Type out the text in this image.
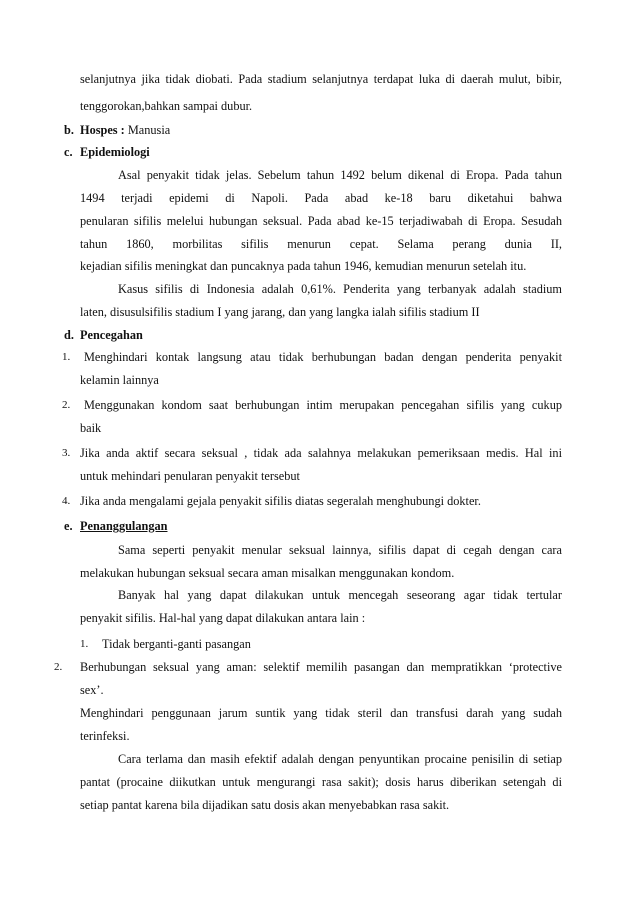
selanjutnya jika tidak diobati. Pada stadium selanjutnya terdapat luka di daerah mulut, bibir,

tenggorokan,bahkan sampai dubur.

b. Hospes : Manusia

c. Epidemiologi

Asal penyakit tidak jelas. Sebelum tahun 1492 belum dikenal di Eropa. Pada tahun

1494 terjadi epidemi di Napoli. Pada abad ke-18 baru diketahui bahwa

penularan sifilis melelui hubungan seksual. Pada abad ke-15 terjadiwabah di Eropa. Sesudah

tahun 1860, morbilitas sifilis menurun cepat. Selama perang dunia II,

kejadian sifilis meningkat dan puncaknya pada tahun 1946, kemudian menurun setelah itu.

Kasus sifilis di Indonesia adalah 0,61%. Penderita yang terbanyak adalah stadium

laten, disusulsifilis stadium I yang jarang, dan yang langka ialah sifilis stadium II

d. Pencegahan

1. Menghindari kontak langsung atau tidak berhubungan badan dengan penderita penyakit

kelamin lainnya

2. Menggunakan kondom saat berhubungan intim merupakan pencegahan sifilis yang cukup

baik

3. Jika anda aktif secara seksual , tidak ada salahnya melakukan pemeriksaan medis. Hal ini

untuk mehindari penularan penyakit tersebut

4. Jika anda mengalami gejala penyakit sifilis diatas segeralah menghubungi dokter.

e. Penanggulangan

Sama seperti penyakit menular seksual lainnya, sifilis dapat di cegah dengan cara

melakukan hubungan seksual secara aman misalkan menggunakan kondom.

Banyak hal yang dapat dilakukan untuk mencegah seseorang agar tidak tertular

penyakit sifilis. Hal-hal yang dapat dilakukan antara lain :

1. Tidak berganti-ganti pasangan

2. Berhubungan seksual yang aman: selektif memilih pasangan dan mempratikkan ‘protective

sex’.

Menghindari penggunaan jarum suntik yang tidak steril dan transfusi darah yang sudah

terinfeksi.

Cara terlama dan masih efektif adalah dengan penyuntikan procaine penisilin di setiap

pantat (procaine diikutkan untuk mengurangi rasa sakit); dosis harus diberikan setengah di

setiap pantat karena bila dijadikan satu dosis akan menyebabkan rasa sakit.
